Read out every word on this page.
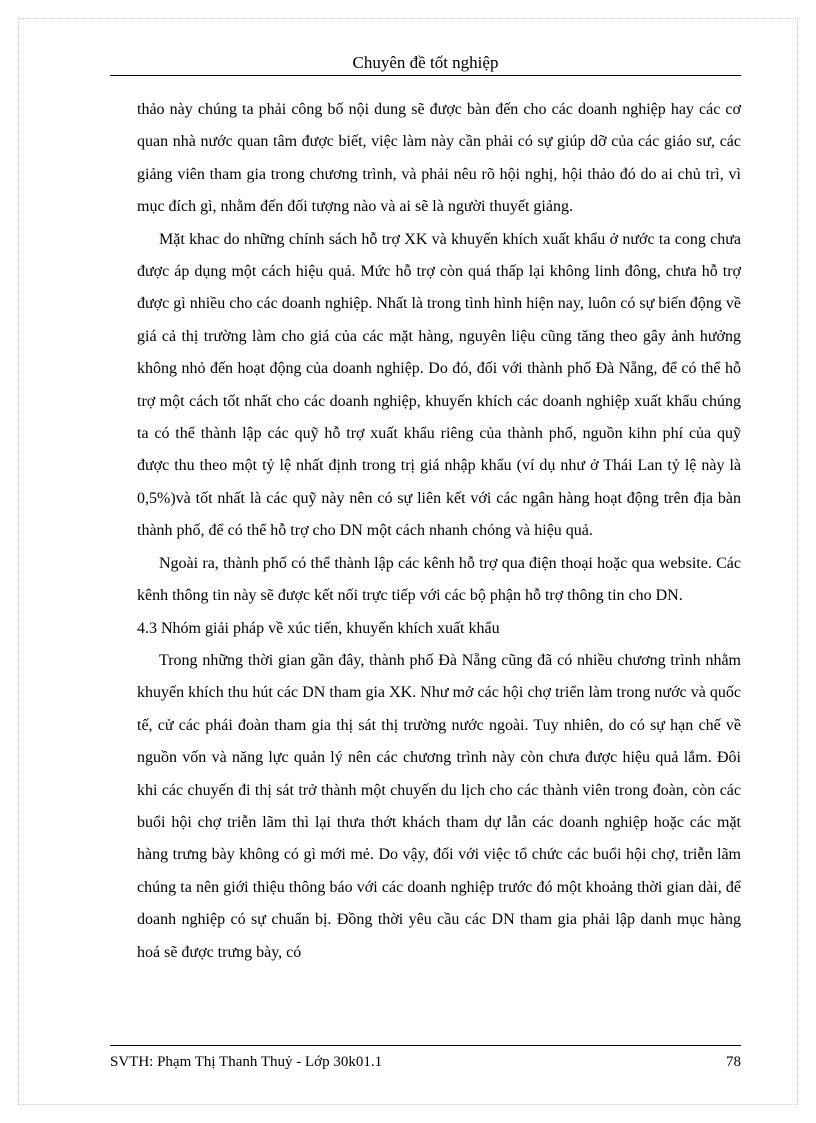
Chuyên đề tốt nghiệp

thảo này chúng ta phải công bố nội dung sẽ được bàn đến cho các doanh nghiệp hay các cơ quan nhà nước quan tâm được biết, việc làm này cần phải có sự giúp dỡ của các giáo sư, các giảng viên tham gia trong chương trình, và phải nêu rõ hội nghị, hội thảo đó do ai chủ trì, vì mục đích gì, nhằm đến đối tượng nào và ai sẽ là người thuyết giảng.

Mặt khac do những chính sách hỗ trợ XK và khuyến khích xuất khẩu ở nước ta cong chưa được áp dụng một cách hiệu quả. Mức hỗ trợ còn quá thấp lại không linh đông, chưa hỗ trợ được gì nhiều cho các doanh nghiệp. Nhất là trong tình hình hiện nay, luôn có sự biến động về giá cả thị trường làm cho giá của các mặt hàng, nguyên liệu cũng tăng theo gây ảnh hưởng không nhỏ đến hoạt động của doanh nghiệp. Do đó, đối với thành phố Đà Nẵng, để có thể hỗ trợ một cách tốt nhất cho các doanh nghiệp, khuyến khích các doanh nghiệp xuất khẩu chúng ta có thể thành lập các quỹ hỗ trợ xuất khẩu riêng của thành phố, nguồn kihn phí của quỹ được thu theo một tỷ lệ nhất định trong trị giá nhập khẩu (ví dụ như ở Thái Lan tỷ lệ này là 0,5%)và tốt nhất là các quỹ này nên có sự liên kết với các ngân hàng hoạt động trên địa bàn thành phố, để có thể hỗ trợ cho DN một cách nhanh chóng và hiệu quả.

Ngoài ra, thành phố có thể thành lập các kênh hỗ trợ qua điện thoại hoặc qua website. Các kênh thông tin này sẽ được kết nối trực tiếp với các bộ phận hỗ trợ thông tin cho DN.

4.3 Nhóm giải pháp về xúc tiến, khuyến khích xuất khẩu

Trong những thời gian gần đây, thành phố Đà Nẵng cũng đã có nhiều chương trình nhằm khuyến khích thu hút các DN tham gia XK. Như mở các hội chợ triển làm trong nước và quốc tế, cử các phái đoàn tham gia thị sát thị trường nước ngoài. Tuy nhiên, do có sự hạn chế về nguồn vốn và năng lực quản lý nên các chương trình này còn chưa được hiệu quả lắm. Đôi khi các chuyến đi thị sát trở thành một chuyến du lịch cho các thành viên trong đoàn, còn các buổi hội chợ triễn lãm thì lại thưa thớt khách tham dự lẫn các doanh nghiệp hoặc các mặt hàng trưng bày không có gì mới mẻ. Do vậy, đối với việc tổ chức các buổi hội chợ, triễn lãm chúng ta nên giới thiệu thông báo với các doanh nghiệp trước đó một khoảng thời gian dài, để doanh nghiệp có sự chuẩn bị. Đồng thời yêu cầu các DN tham gia phải lập danh mục hàng hoá sẽ được trưng bày, có

SVTH: Phạm Thị Thanh Thuỷ - Lớp 30k01.1	78
